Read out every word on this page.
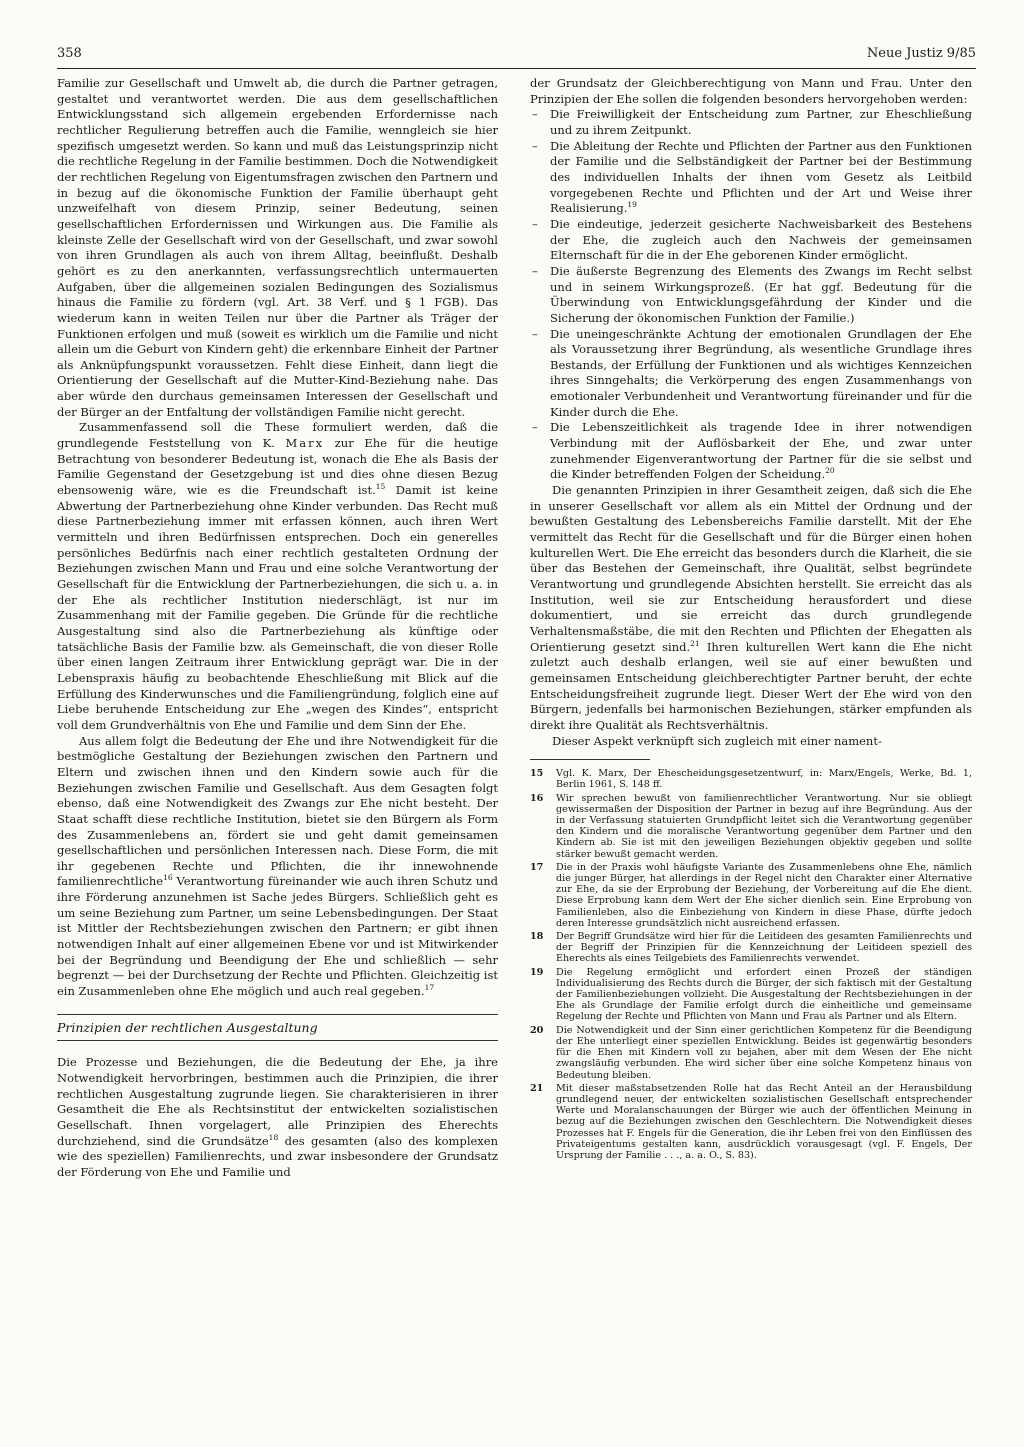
358	Neue Justiz 9/85

Familie zur Gesellschaft und Umwelt ab, die durch die Partner getragen, gestaltet und verantwortet werden. Die aus dem gesellschaftlichen Entwicklungsstand sich allgemein ergebenden Erfordernisse nach rechtlicher Regulierung betreffen auch die Familie, wenngleich sie hier spezifisch umgesetzt werden. So kann und muß das Leistungsprinzip nicht die rechtliche Regelung in der Familie bestimmen. Doch die Notwendigkeit der rechtlichen Regelung von Eigentumsfragen zwischen den Partnern und in bezug auf die ökonomische Funktion der Familie überhaupt geht unzweifelhaft von diesem Prinzip, seiner Bedeutung, seinen gesellschaftlichen Erfordernissen und Wirkungen aus. Die Familie als kleinste Zelle der Gesellschaft wird von der Gesellschaft, und zwar sowohl von ihren Grundlagen als auch von ihrem Alltag, beeinflußt. Deshalb gehört es zu den anerkannten, verfassungsrechtlich untermauerten Aufgaben, über die allgemeinen sozialen Bedingungen des Sozialismus hinaus die Familie zu fördern (vgl. Art. 38 Verf. und § 1 FGB). Das wiederum kann in weiten Teilen nur über die Partner als Träger der Funktionen erfolgen und muß (soweit es wirklich um die Familie und nicht allein um die Geburt von Kindern geht) die erkennbare Einheit der Partner als Anknüpfungspunkt voraussetzen. Fehlt diese Einheit, dann liegt die Orientierung der Gesellschaft auf die Mutter-Kind-Beziehung nahe. Das aber würde den durchaus gemeinsamen Interessen der Gesellschaft und der Bürger an der Entfaltung der vollständigen Familie nicht gerecht.

Zusammenfassend soll die These formuliert werden, daß die grundlegende Feststellung von K. Marx zur Ehe für die heutige Betrachtung von besonderer Bedeutung ist, wonach die Ehe als Basis der Familie Gegenstand der Gesetzgebung ist und dies ohne diesen Bezug ebensowenig wäre, wie es die Freundschaft ist.$^{15}$ Damit ist keine Abwertung der Partnerbeziehung ohne Kinder verbunden. Das Recht muß diese Partnerbeziehung immer mit erfassen können, auch ihren Wert vermitteln und ihren Bedürfnissen entsprechen. Doch ein generelles persönliches Bedürfnis nach einer rechtlich gestalteten Ordnung der Beziehungen zwischen Mann und Frau und eine solche Verantwortung der Gesellschaft für die Entwicklung der Partnerbeziehungen, die sich u. a. in der Ehe als rechtlicher Institution niederschlägt, ist nur im Zusammenhang mit der Familie gegeben. Die Gründe für die rechtliche Ausgestaltung sind also die Partnerbeziehung als künftige oder tatsächliche Basis der Familie bzw. als Gemeinschaft, die von dieser Rolle über einen langen Zeitraum ihrer Entwicklung geprägt war. Die in der Lebenspraxis häufig zu beobachtende Eheschließung mit Blick auf die Erfüllung des Kinderwunsches und die Familiengründung, folglich eine auf Liebe beruhende Entscheidung zur Ehe „wegen des Kindes“, entspricht voll dem Grundverhältnis von Ehe und Familie und dem Sinn der Ehe.

Aus allem folgt die Bedeutung der Ehe und ihre Notwendigkeit für die bestmögliche Gestaltung der Beziehungen zwischen den Partnern und Eltern und zwischen ihnen und den Kindern sowie auch für die Beziehungen zwischen Familie und Gesellschaft. Aus dem Gesagten folgt ebenso, daß eine Notwendigkeit des Zwangs zur Ehe nicht besteht. Der Staat schafft diese rechtliche Institution, bietet sie den Bürgern als Form des Zusammenlebens an, fördert sie und geht damit gemeinsamen gesellschaftlichen und persönlichen Interessen nach. Diese Form, die mit ihr gegebenen Rechte und Pflichten, die ihr innewohnende familienrechtliche$^{16}$ Verantwortung füreinander wie auch ihren Schutz und ihre Förderung anzunehmen ist Sache jedes Bürgers. Schließlich geht es um seine Beziehung zum Partner, um seine Lebensbedingungen. Der Staat ist Mittler der Rechtsbeziehungen zwischen den Partnern; er gibt ihnen notwendigen Inhalt auf einer allgemeinen Ebene vor und ist Mitwirkender bei der Begründung und Beendigung der Ehe und schließlich — sehr begrenzt — bei der Durchsetzung der Rechte und Pflichten. Gleichzeitig ist ein Zusammenleben ohne Ehe möglich und auch real gegeben.$^{17}$

Prinzipien der rechtlichen Ausgestaltung

Die Prozesse und Beziehungen, die die Bedeutung der Ehe, ja ihre Notwendigkeit hervorbringen, bestimmen auch die Prinzipien, die ihrer rechtlichen Ausgestaltung zugrunde liegen. Sie charakterisieren in ihrer Gesamtheit die Ehe als Rechtsinstitut der entwickelten sozialistischen Gesellschaft. Ihnen vorgelagert, alle Prinzipien des Eherechts durchziehend, sind die Grundsätze$^{18}$ des gesamten (also des komplexen wie des speziellen) Familienrechts, und zwar insbesondere der Grundsatz der Förderung von Ehe und Familie und

der Grundsatz der Gleichberechtigung von Mann und Frau. Unter den Prinzipien der Ehe sollen die folgenden besonders hervorgehoben werden:

– Die Freiwilligkeit der Entscheidung zum Partner, zur Eheschließung und zu ihrem Zeitpunkt.
– Die Ableitung der Rechte und Pflichten der Partner aus den Funktionen der Familie und die Selbständigkeit der Partner bei der Bestimmung des individuellen Inhalts der ihnen vom Gesetz als Leitbild vorgegebenen Rechte und Pflichten und der Art und Weise ihrer Realisierung.$^{19}$
– Die eindeutige, jederzeit gesicherte Nachweisbarkeit des Bestehens der Ehe, die zugleich auch den Nachweis der gemeinsamen Elternschaft für die in der Ehe geborenen Kinder ermöglicht.
– Die äußerste Begrenzung des Elements des Zwangs im Recht selbst und in seinem Wirkungsprozeß. (Er hat ggf. Bedeutung für die Überwindung von Entwicklungsgefährdung der Kinder und die Sicherung der ökonomischen Funktion der Familie.)
– Die uneingeschränkte Achtung der emotionalen Grundlagen der Ehe als Voraussetzung ihrer Begründung, als wesentliche Grundlage ihres Bestands, der Erfüllung der Funktionen und als wichtiges Kennzeichen ihres Sinngehalts; die Verkörperung des engen Zusammenhangs von emotionaler Verbundenheit und Verantwortung füreinander und für die Kinder durch die Ehe.
– Die Lebenszeitlichkeit als tragende Idee in ihrer notwendigen Verbindung mit der Auflösbarkeit der Ehe, und zwar unter zunehmender Eigenverantwortung der Partner für die sie selbst und die Kinder betreffenden Folgen der Scheidung.$^{20}$

Die genannten Prinzipien in ihrer Gesamtheit zeigen, daß sich die Ehe in unserer Gesellschaft vor allem als ein Mittel der Ordnung und der bewußten Gestaltung des Lebensbereichs Familie darstellt. Mit der Ehe vermittelt das Recht für die Gesellschaft und für die Bürger einen hohen kulturellen Wert. Die Ehe erreicht das besonders durch die Klarheit, die sie über das Bestehen der Gemeinschaft, ihre Qualität, selbst begründete Verantwortung und grundlegende Absichten herstellt. Sie erreicht das als Institution, weil sie zur Entscheidung herausfordert und diese dokumentiert, und sie erreicht das durch grundlegende Verhaltensmaßstäbe, die mit den Rechten und Pflichten der Ehegatten als Orientierung gesetzt sind.$^{21}$ Ihren kulturellen Wert kann die Ehe nicht zuletzt auch deshalb erlangen, weil sie auf einer bewußten und gemeinsamen Entscheidung gleichberechtigter Partner beruht, der echte Entscheidungsfreiheit zugrunde liegt. Dieser Wert der Ehe wird von den Bürgern, jedenfalls bei harmonischen Beziehungen, stärker empfunden als direkt ihre Qualität als Rechtsverhältnis.

Dieser Aspekt verknüpft sich zugleich mit einer nament-

15 Vgl. K. Marx, Der Ehescheidungsgesetzentwurf, in: Marx/Engels, Werke, Bd. 1, Berlin 1961, S. 148 ff.
16 Wir sprechen bewußt von familienrechtlicher Verantwortung. Nur sie obliegt gewissermaßen der Disposition der Partner in bezug auf ihre Begründung. Aus der in der Verfassung statuierten Grundpflicht leitet sich die Verantwortung gegenüber den Kindern und die moralische Verantwortung gegenüber dem Partner und den Kindern ab. Sie ist mit den jeweiligen Beziehungen objektiv gegeben und sollte stärker bewußt gemacht werden.
17 Die in der Praxis wohl häufigste Variante des Zusammenlebens ohne Ehe, nämlich die junger Bürger, hat allerdings in der Regel nicht den Charakter einer Alternative zur Ehe, da sie der Erprobung der Beziehung, der Vorbereitung auf die Ehe dient. Diese Erprobung kann dem Wert der Ehe sicher dienlich sein. Eine Erprobung von Familienleben, also die Einbeziehung von Kindern in diese Phase, dürfte jedoch deren Interesse grundsätzlich nicht ausreichend erfassen.
18 Der Begriff Grundsätze wird hier für die Leitideen des gesamten Familienrechts und der Begriff der Prinzipien für die Kennzeichnung der Leitideen speziell des Eherechts als eines Teilgebiets des Familienrechts verwendet.
19 Die Regelung ermöglicht und erfordert einen Prozeß der ständigen Individualisierung des Rechts durch die Bürger, der sich faktisch mit der Gestaltung der Familienbeziehungen vollzieht. Die Ausgestaltung der Rechtsbeziehungen in der Ehe als Grundlage der Familie erfolgt durch die einheitliche und gemeinsame Regelung der Rechte und Pflichten von Mann und Frau als Partner und als Eltern.
20 Die Notwendigkeit und der Sinn einer gerichtlichen Kompetenz für die Beendigung der Ehe unterliegt einer speziellen Entwicklung. Beides ist gegenwärtig besonders für die Ehen mit Kindern voll zu bejahen, aber mit dem Wesen der Ehe nicht zwangsläufig verbunden. Ehe wird sicher über eine solche Kompetenz hinaus von Bedeutung bleiben.
21 Mit dieser maßstabsetzenden Rolle hat das Recht Anteil an der Herausbildung grundlegend neuer, der entwickelten sozialistischen Gesellschaft entsprechender Werte und Moralanschauungen der Bürger wie auch der öffentlichen Meinung in bezug auf die Beziehungen zwischen den Geschlechtern. Die Notwendigkeit dieses Prozesses hat F. Engels für die Generation, die ihr Leben frei von den Einflüssen des Privateigentums gestalten kann, ausdrücklich vorausgesagt (vgl. F. Engels, Der Ursprung der Familie . . ., a. a. O., S. 83).
